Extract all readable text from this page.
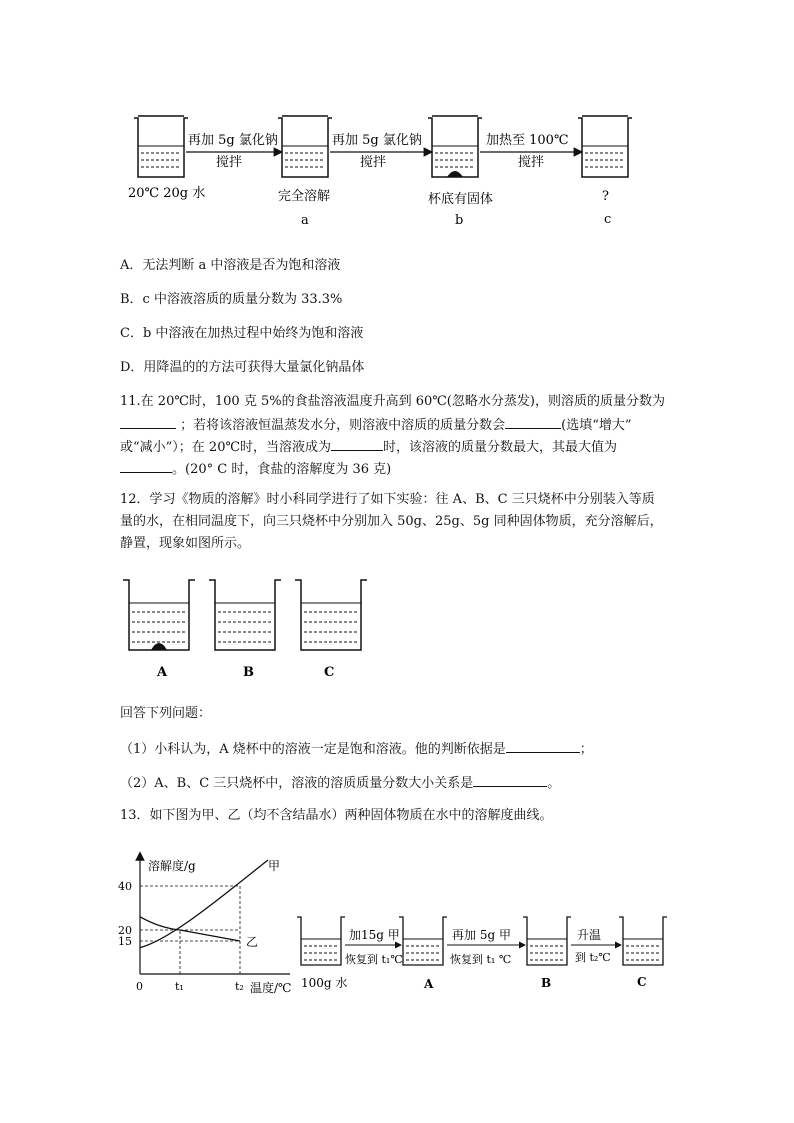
再加 5g 氯化钠
搅拌
再加 5g 氯化钠
搅拌
加热至 100℃
搅拌
20℃ 20g 水	完全溶解
a
杯底有固体
b
?
c
A．无法判断 a 中溶液是否为饱和溶液
B．c 中溶液溶质的质量分数为 33.3%
C．b 中溶液在加热过程中始终为饱和溶液
D．用降温的的方法可获得大量氯化钠晶体
11.在 20℃时，100 克 5%的食盐溶液温度升高到 60℃(忽略水分蒸发)，则溶质的质量分数为
；若将该溶液恒温蒸发水分，则溶液中溶质的质量分数会	(选填“增大”
或“减小”）；在 20℃时，当溶液成为	时，该溶液的质量分数最大，其最大值为
。(20° C 时，食盐的溶解度为 36 克)
12．学习《物质的溶解》时小科同学进行了如下实验：往 A、B、C 三只烧杯中分别装入等质
量的水，在相同温度下，向三只烧杯中分别加入 50g、25g、5g 同种固体物质，充分溶解后，
静置，现象如图所示。
A	B	C
回答下列问题：
（1）小科认为，A 烧杯中的溶液一定是饱和溶液。他的判断依据是	；
（2）A、B、C 三只烧杯中，溶液的溶质质量分数大小关系是	。
13．如下图为甲、乙（均不含结晶水）两种固体物质在水中的溶解度曲线。
15
20
40
t₁	t₂
甲
乙
溶解度/g
温度/℃
0
加15g 甲
恢复到 t₁℃
再加 5g 甲
恢复到 t₁ ℃
升温
到 t₂℃
100g 水	A	B	C
